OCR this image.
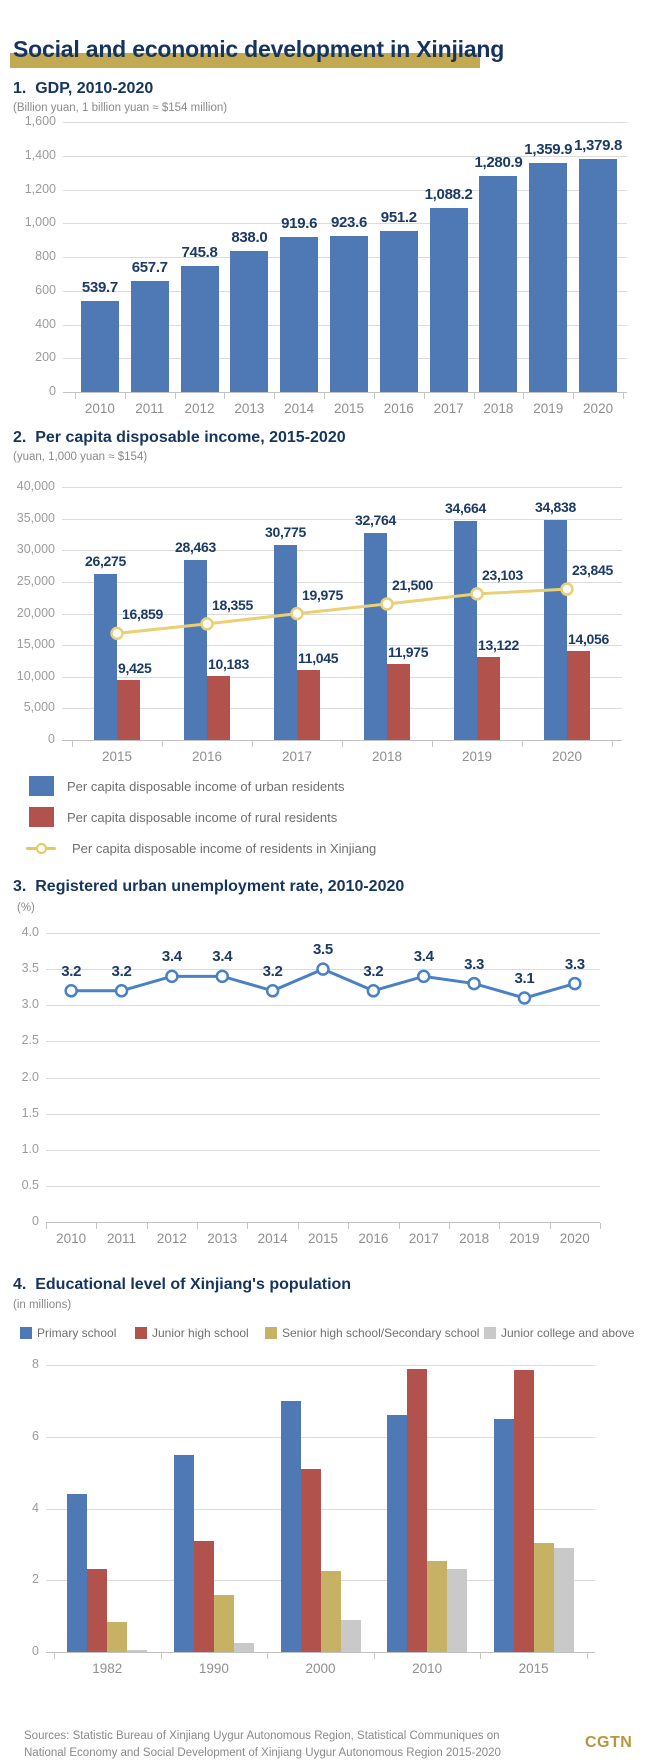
Social and economic development in Xinjiang
1.  GDP, 2010-2020
(Billion yuan, 1 billion yuan ≈ $154 million)
0
200
400
600
800
1,000
1,200
1,400
1,600
2010	2011	2012	2013	2014	2015	2016	2017	2018	2019	2020
539.7
657.7
745.8
838.0
919.6 923.6 951.2
1,088.2
1,280.9
1,359.9 1,379.8
2.  Per capita disposable income, 2015-2020
(yuan, 1,000 yuan ≈ $154)
0
5,000
10,000
15,000
20,000
25,000
30,000
35,000
40,000
2015	2016	2017	2018	2019	2020
26,275
28,463
30,775
32,764
34,664	34,838
9,425	10,183	11,045	11,975	13,122	14,056
16,859
18,355
19,975
21,500
23,103	23,845
Per capita disposable income of urban residents
Per capita disposable income of rural residents
Per capita disposable income of residents in Xinjiang
3.  Registered urban unemployment rate, 2010-2020
(%)
0
0.5
1.0
1.5
2.0
2.5
3.0
3.5
4.0
2010	2011	2012	2013	2014	2015	2016	2017	2018	2019	2020
3.2	3.2
3.4	3.4
3.2
3.5
3.2
3.4	3.3
3.1
3.3
4.  Educational level of Xinjiang's population
(in millions)
Primary school	Junior high school	Senior high school/Secondary school Junior college and above
0
2
4
6
8
1982	1990	2000	2010	2015
Sources: Statistic Bureau of Xinjiang Uygur Autonomous Region, Statistical Communiques on National Economy and Social Development of Xinjiang Uygur Autonomous Region 2015-2020
CGTN
